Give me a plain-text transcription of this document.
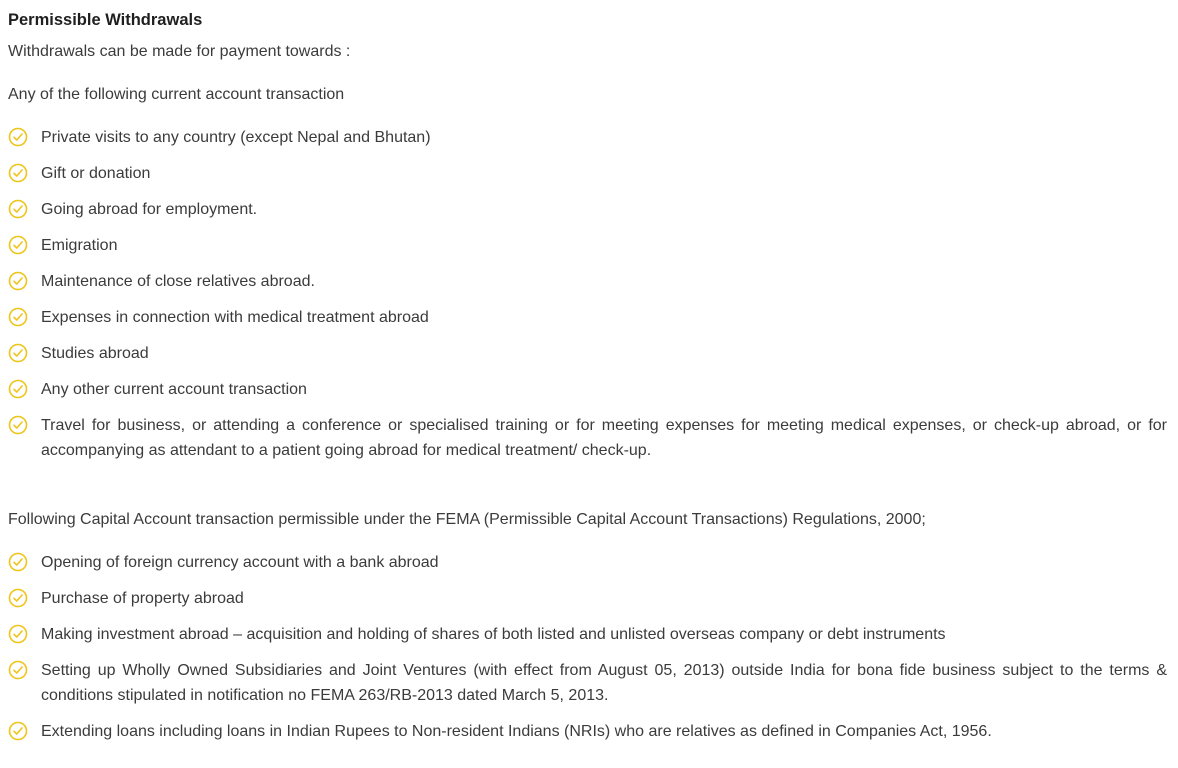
Permissible Withdrawals

Withdrawals can be made for payment towards :

Any of the following current account transaction

Private visits to any country (except Nepal and Bhutan)
Gift or donation
Going abroad for employment.
Emigration
Maintenance of close relatives abroad.
Expenses in connection with medical treatment abroad
Studies abroad
Any other current account transaction
Travel for business, or attending a conference or specialised training or for meeting expenses for meeting medical expenses, or check-up abroad, or for accompanying as attendant to a patient going abroad for medical treatment/ check-up.

Following Capital Account transaction permissible under the FEMA (Permissible Capital Account Transactions) Regulations, 2000;

Opening of foreign currency account with a bank abroad
Purchase of property abroad
Making investment abroad – acquisition and holding of shares of both listed and unlisted overseas company or debt instruments
Setting up Wholly Owned Subsidiaries and Joint Ventures (with effect from August 05, 2013) outside India for bona fide business subject to the terms & conditions stipulated in notification no FEMA 263/RB-2013 dated March 5, 2013.
Extending loans including loans in Indian Rupees to Non-resident Indians (NRIs) who are relatives as defined in Companies Act, 1956.
